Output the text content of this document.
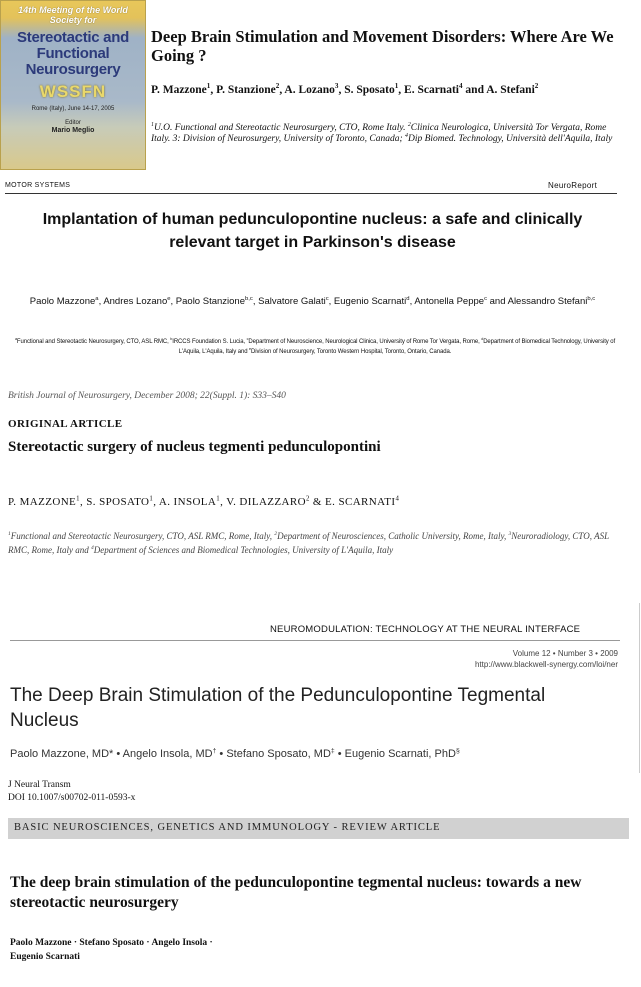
14th Meeting of the World Society for
Stereotactic and Functional Neurosurgery
WSSFN
Rome (Italy), June 14-17, 2005
Editor
Mario Meglio
Deep Brain Stimulation and Movement Disorders: Where Are We Going ?
P. Mazzone$^1$, P. Stanzione$^2$, A. Lozano$^3$, S. Sposato$^1$, E. Scarnati$^4$ and A. Stefani$^2$
$^1$U.O. Functional and Stereotactic Neurosurgery, CTO, Rome Italy. $^2$Clinica Neurologica, Università Tor Vergata, Rome Italy. 3: Division of Neurosurgery, University of Toronto, Canada; $^4$Dip Biomed. Technology, Università dell'Aquila, Italy
MOTOR SYSTEMS	NeuroReport
Implantation of human pedunculopontine nucleus: a safe and clinically relevant target in Parkinson's disease
Paolo Mazzone$^a$, Andres Lozano$^e$, Paolo Stanzione$^{b,c}$, Salvatore Galati$^c$, Eugenio Scarnati$^d$, Antonella Peppe$^c$ and Alessandro Stefani$^{b,c}$
$^a$Functional and Stereotactic Neurosurgery, CTO, ASL RMC, $^b$IRCCS Foundation S. Lucia, $^c$Department of Neuroscience, Neurological Clinica, University of Rome Tor Vergata, Rome, $^d$Department of Biomedical Technology, University of L'Aquila, L'Aquila, Italy and $^e$Division of Neurosurgery, Toronto Western Hospital, Toronto, Ontario, Canada.
British Journal of Neurosurgery, December 2008; 22(Suppl. 1): S33–S40
ORIGINAL ARTICLE
Stereotactic surgery of nucleus tegmenti pedunculopontini
P. MAZZONE$^1$, S. SPOSATO$^1$, A. INSOLA$^1$, V. DILAZZARO$^2$ & E. SCARNATI$^4$
$^1$Functional and Stereotactic Neurosurgery, CTO, ASL RMC, Rome, Italy, $^2$Department of Neurosciences, Catholic University, Rome, Italy, $^3$Neuroradiology, CTO, ASL RMC, Rome, Italy and $^4$Department of Sciences and Biomedical Technologies, University of L'Aquila, Italy
NEUROMODULATION: TECHNOLOGY AT THE NEURAL INTERFACE
Volume 12 • Number 3 • 2009
http://www.blackwell-synergy.com/loi/ner
The Deep Brain Stimulation of the Pedunculopontine Tegmental Nucleus
Paolo Mazzone, MD* • Angelo Insola, MD† • Stefano Sposato, MD‡ • Eugenio Scarnati, PhD§
J Neural Transm
DOI 10.1007/s00702-011-0593-x
BASIC NEUROSCIENCES, GENETICS AND IMMUNOLOGY - REVIEW ARTICLE
The deep brain stimulation of the pedunculopontine tegmental nucleus: towards a new stereotactic neurosurgery
Paolo Mazzone · Stefano Sposato · Angelo Insola ·
Eugenio Scarnati
